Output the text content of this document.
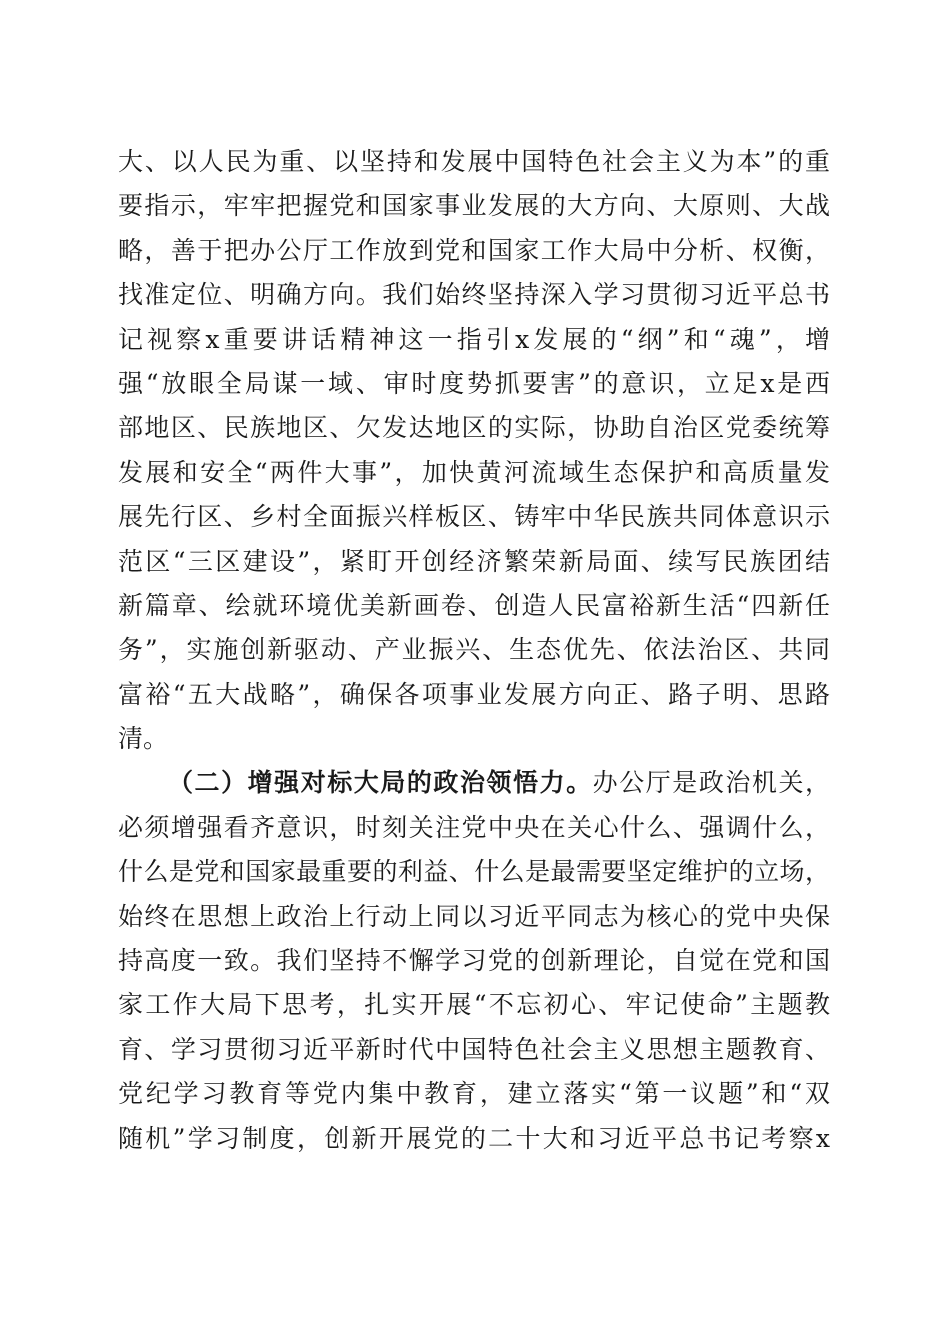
大、以人民为重、以坚持和发展中国特色社会主义为本”的重
要指示，牢牢把握党和国家事业发展的大方向、大原则、大战
略，善于把办公厅工作放到党和国家工作大局中分析、权衡，
找准定位、明确方向。我们始终坚持深入学习贯彻习近平总书
记视察x重要讲话精神这一指引x发展的“纲”和“魂”，增
强“放眼全局谋一域、审时度势抓要害”的意识，立足x是西
部地区、民族地区、欠发达地区的实际，协助自治区党委统筹
发展和安全“两件大事”，加快黄河流域生态保护和高质量发
展先行区、乡村全面振兴样板区、铸牢中华民族共同体意识示
范区“三区建设”，紧盯开创经济繁荣新局面、续写民族团结
新篇章、绘就环境优美新画卷、创造人民富裕新生活“四新任
务”，实施创新驱动、产业振兴、生态优先、依法治区、共同
富裕“五大战略”，确保各项事业发展方向正、路子明、思路
清。
（二）增强对标大局的政治领悟力。办公厅是政治机关，
必须增强看齐意识，时刻关注党中央在关心什么、强调什么，
什么是党和国家最重要的利益、什么是最需要坚定维护的立场，
始终在思想上政治上行动上同以习近平同志为核心的党中央保
持高度一致。我们坚持不懈学习党的创新理论，自觉在党和国
家工作大局下思考，扎实开展“不忘初心、牢记使命”主题教
育、学习贯彻习近平新时代中国特色社会主义思想主题教育、
党纪学习教育等党内集中教育，建立落实“第一议题”和“双
随机”学习制度，创新开展党的二十大和习近平总书记考察x
